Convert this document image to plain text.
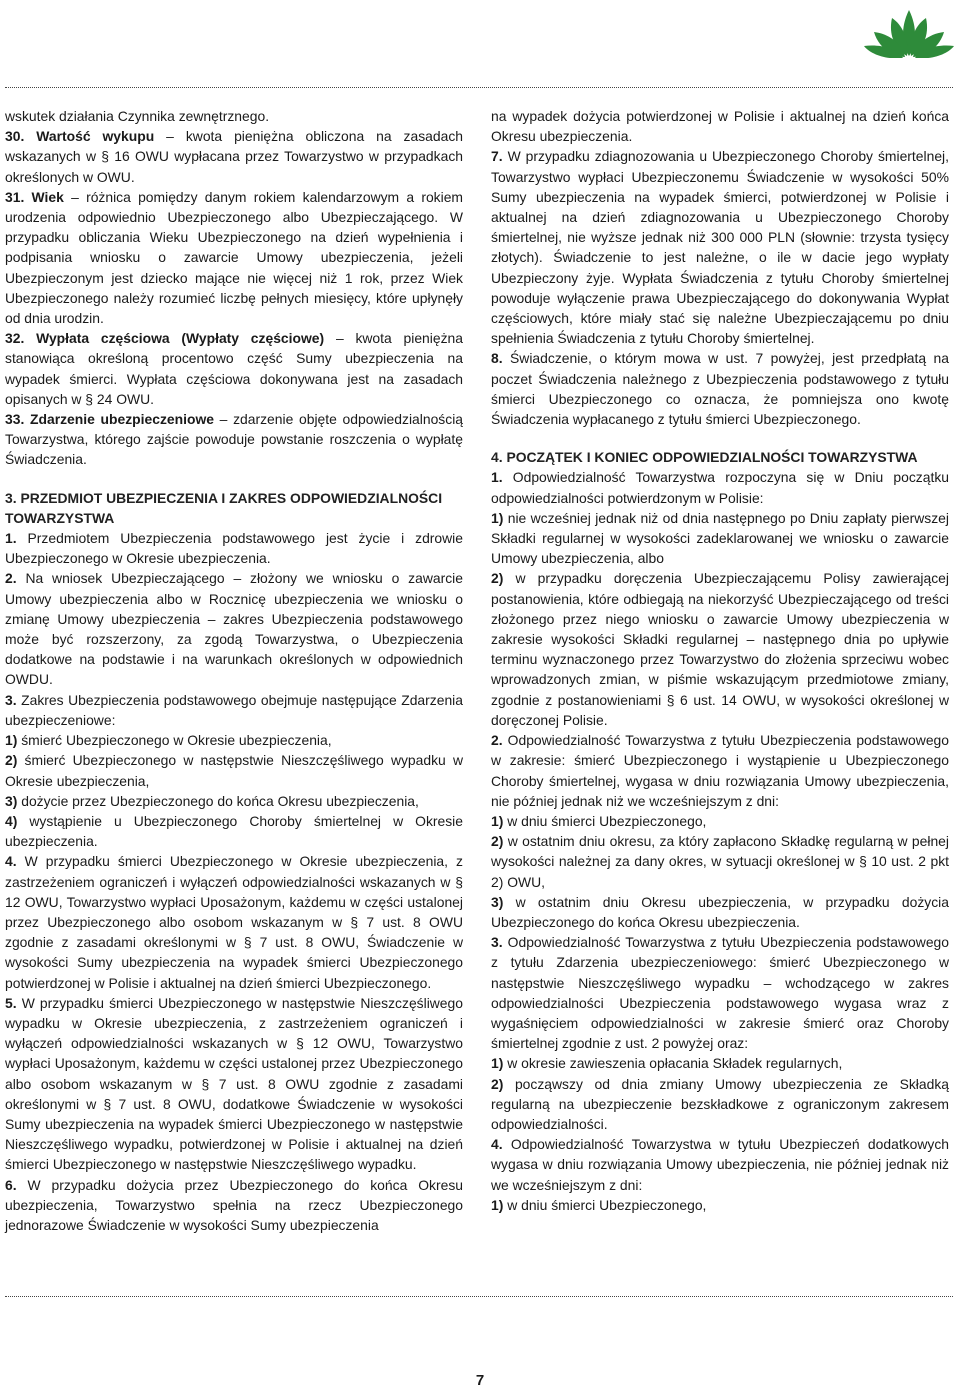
wskutek działania Czynnika zewnętrznego.

30. Wartość wykupu – kwota pieniężna obliczona na zasadach wskazanych w § 16 OWU wypłacana przez Towarzystwo w przypadkach określonych w OWU.

31. Wiek – różnica pomiędzy danym rokiem kalendarzowym a rokiem urodzenia odpowiednio Ubezpieczonego albo Ubezpieczającego. W przypadku obliczania Wieku Ubezpieczonego na dzień wypełnienia i podpisania wniosku o zawarcie Umowy ubezpieczenia, jeżeli Ubezpieczonym jest dziecko mające nie więcej niż 1 rok, przez Wiek Ubezpieczonego należy rozumieć liczbę pełnych miesięcy, które upłynęły od dnia urodzin.

32. Wypłata częściowa (Wypłaty częściowe) – kwota pieniężna stanowiąca określoną procentowo część Sumy ubezpieczenia na wypadek śmierci. Wypłata częściowa dokonywana jest na zasadach opisanych w § 24 OWU.

33. Zdarzenie ubezpieczeniowe – zdarzenie objęte odpowiedzialnością Towarzystwa, którego zajście powoduje powstanie roszczenia o wypłatę Świadczenia.

3. PRZEDMIOT UBEZPIECZENIA I ZAKRES ODPOWIEDZIALNOŚCI TOWARZYSTWA

1. Przedmiotem Ubezpieczenia podstawowego jest życie i zdrowie Ubezpieczonego w Okresie ubezpieczenia.

2. Na wniosek Ubezpieczającego – złożony we wniosku o zawarcie Umowy ubezpieczenia albo w Rocznicę ubezpieczenia we wniosku o zmianę Umowy ubezpieczenia – zakres Ubezpieczenia podstawowego może być rozszerzony, za zgodą Towarzystwa, o Ubezpieczenia dodatkowe na podstawie i na warunkach określonych w odpowiednich OWDU.

3. Zakres Ubezpieczenia podstawowego obejmuje następujące Zdarzenia ubezpieczeniowe:

1) śmierć Ubezpieczonego w Okresie ubezpieczenia,

2) śmierć Ubezpieczonego w następstwie Nieszczęśliwego wypadku w Okresie ubezpieczenia,

3) dożycie przez Ubezpieczonego do końca Okresu ubezpieczenia,

4) wystąpienie u Ubezpieczonego Choroby śmiertelnej w Okresie ubezpieczenia.

4. W przypadku śmierci Ubezpieczonego w Okresie ubezpieczenia, z zastrzeżeniem ograniczeń i wyłączeń odpowiedzialności wskazanych w § 12 OWU, Towarzystwo wypłaci Uposażonym, każdemu w części ustalonej przez Ubezpieczonego albo osobom wskazanym w § 7 ust. 8 OWU zgodnie z zasadami określonymi w § 7 ust. 8 OWU, Świadczenie w wysokości Sumy ubezpieczenia na wypadek śmierci Ubezpieczonego potwierdzonej w Polisie i aktualnej na dzień śmierci Ubezpieczonego.

5. W przypadku śmierci Ubezpieczonego w następstwie Nieszczęśliwego wypadku w Okresie ubezpieczenia, z zastrzeżeniem ograniczeń i wyłączeń odpowiedzialności wskazanych w § 12 OWU, Towarzystwo wypłaci Uposażonym, każdemu w części ustalonej przez Ubezpieczonego albo osobom wskazanym w § 7 ust. 8 OWU zgodnie z zasadami określonymi w § 7 ust. 8 OWU, dodatkowe Świadczenie w wysokości Sumy ubezpieczenia na wypadek śmierci Ubezpieczonego w następstwie Nieszczęśliwego wypadku, potwierdzonej w Polisie i aktualnej na dzień śmierci Ubezpieczonego w następstwie Nieszczęśliwego wypadku.

6. W przypadku dożycia przez Ubezpieczonego do końca Okresu ubezpieczenia, Towarzystwo spełnia na rzecz Ubezpieczonego jednorazowe Świadczenie w wysokości Sumy ubezpieczenia

na wypadek dożycia potwierdzonej w Polisie i aktualnej na dzień końca Okresu ubezpieczenia.

7. W przypadku zdiagnozowania u Ubezpieczonego Choroby śmiertelnej, Towarzystwo wypłaci Ubezpieczonemu Świadczenie w wysokości 50% Sumy ubezpieczenia na wypadek śmierci, potwierdzonej w Polisie i aktualnej na dzień zdiagnozowania u Ubezpieczonego Choroby śmiertelnej, nie wyższe jednak niż 300 000 PLN (słownie: trzysta tysięcy złotych). Świadczenie to jest należne, o ile w dacie jego wypłaty Ubezpieczony żyje. Wypłata Świadczenia z tytułu Choroby śmiertelnej powoduje wyłączenie prawa Ubezpieczającego do dokonywania Wypłat częściowych, które miały stać się należne Ubezpieczającemu po dniu spełnienia Świadczenia z tytułu Choroby śmiertelnej.

8. Świadczenie, o którym mowa w ust. 7 powyżej, jest przedpłatą na poczet Świadczenia należnego z Ubezpieczenia podstawowego z tytułu śmierci Ubezpieczonego co oznacza, że pomniejsza ono kwotę Świadczenia wypłacanego z tytułu śmierci Ubezpieczonego.

4. POCZĄTEK I KONIEC ODPOWIEDZIALNOŚCI TOWARZYSTWA

1. Odpowiedzialność Towarzystwa rozpoczyna się w Dniu początku odpowiedzialności potwierdzonym w Polisie:

1) nie wcześniej jednak niż od dnia następnego po Dniu zapłaty pierwszej Składki regularnej w wysokości zadeklarowanej we wniosku o zawarcie Umowy ubezpieczenia, albo

2) w przypadku doręczenia Ubezpieczającemu Polisy zawierającej postanowienia, które odbiegają na niekorzyść Ubezpieczającego od treści złożonego przez niego wniosku o zawarcie Umowy ubezpieczenia w zakresie wysokości Składki regularnej – następnego dnia po upływie terminu wyznaczonego przez Towarzystwo do złożenia sprzeciwu wobec wprowadzonych zmian, w piśmie wskazującym przedmiotowe zmiany, zgodnie z postanowieniami § 6 ust. 14 OWU, w wysokości określonej w doręczonej Polisie.

2. Odpowiedzialność Towarzystwa z tytułu Ubezpieczenia podstawowego w zakresie: śmierć Ubezpieczonego i wystąpienie u Ubezpieczonego Choroby śmiertelnej, wygasa w dniu rozwiązania Umowy ubezpieczenia, nie później jednak niż we wcześniejszym z dni:

1) w dniu śmierci Ubezpieczonego,

2) w ostatnim dniu okresu, za który zapłacono Składkę regularną w pełnej wysokości należnej za dany okres, w sytuacji określonej w § 10 ust. 2 pkt 2) OWU,

3) w ostatnim dniu Okresu ubezpieczenia, w przypadku dożycia Ubezpieczonego do końca Okresu ubezpieczenia.

3. Odpowiedzialność Towarzystwa z tytułu Ubezpieczenia podstawowego z tytułu Zdarzenia ubezpieczeniowego: śmierć Ubezpieczonego w następstwie Nieszczęśliwego wypadku – wchodzącego w zakres odpowiedzialności Ubezpieczenia podstawowego wygasa wraz z wygaśnięciem odpowiedzialności w zakresie śmierć oraz Choroby śmiertelnej zgodnie z ust. 2 powyżej oraz:

1) w okresie zawieszenia opłacania Składek regularnych,

2) począwszy od dnia zmiany Umowy ubezpieczenia ze Składką regularną na ubezpieczenie bezskładkowe z ograniczonym zakresem odpowiedzialności.

4. Odpowiedzialność Towarzystwa w tytułu Ubezpieczeń dodatkowych wygasa w dniu rozwiązania Umowy ubezpieczenia, nie później jednak niż we wcześniejszym z dni:

1) w dniu śmierci Ubezpieczonego,

7
